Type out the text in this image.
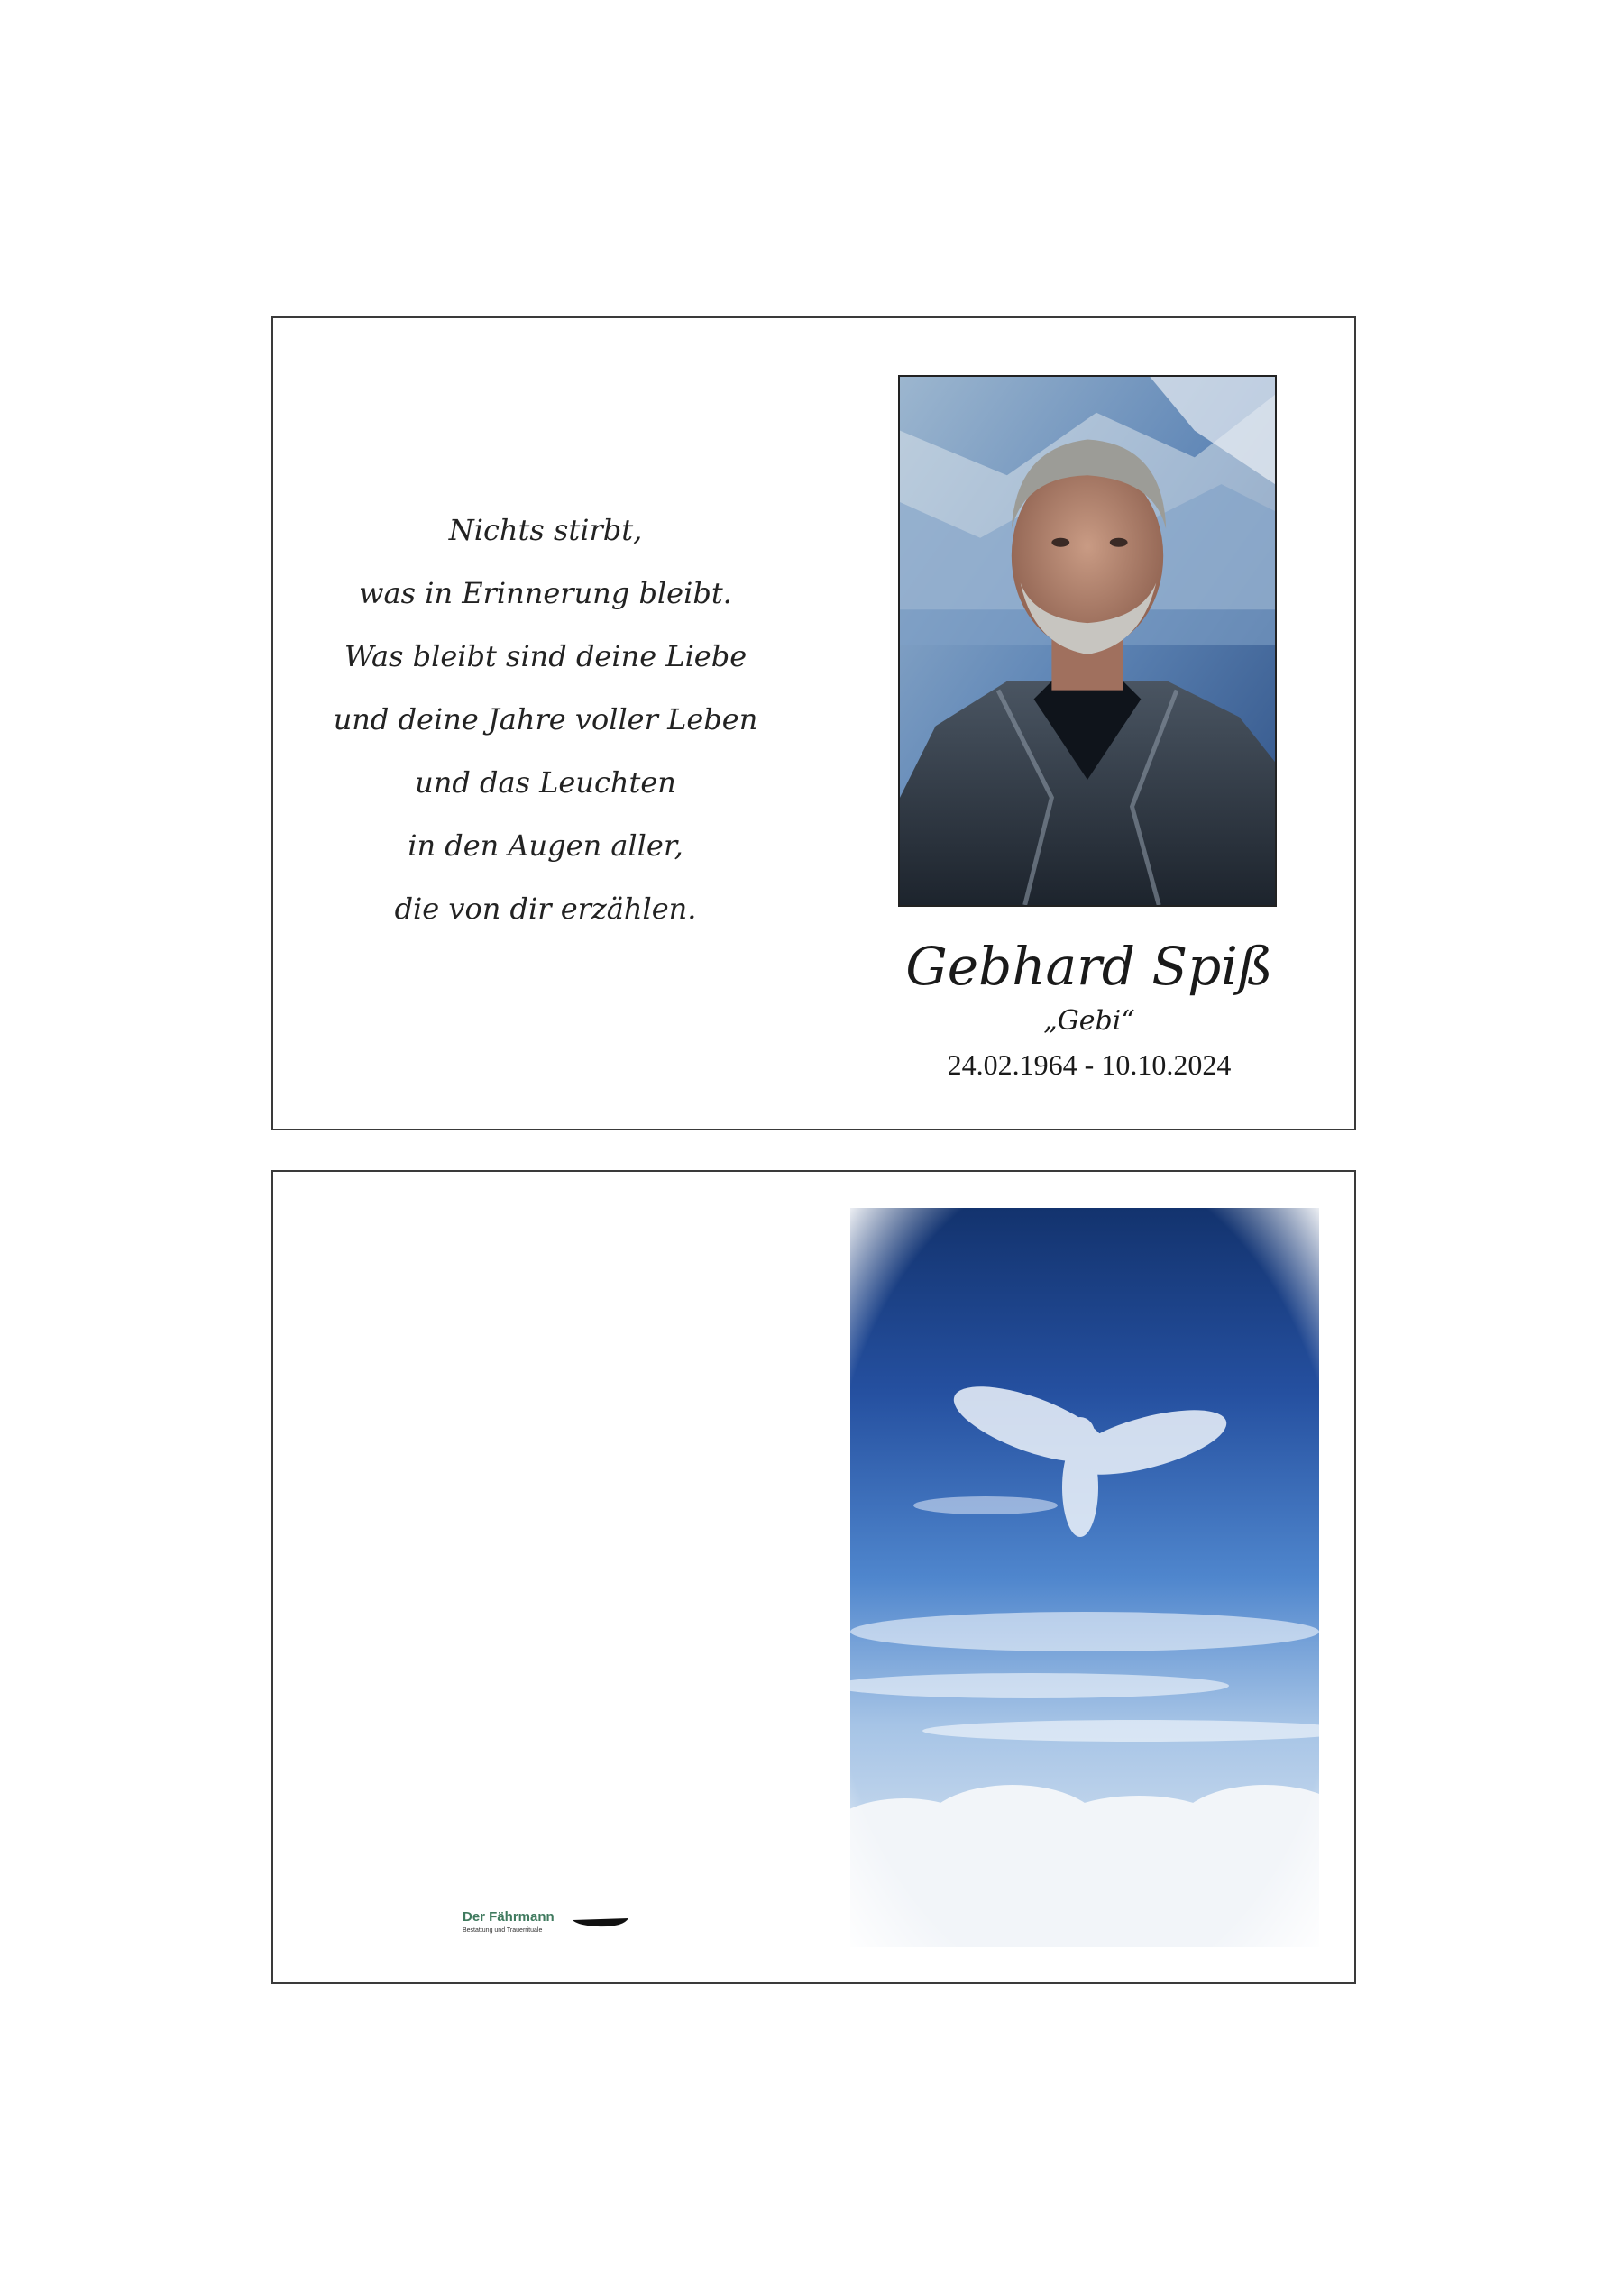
Nichts stirbt,
was in Erinnerung bleibt.
Was bleibt sind deine Liebe
und deine Jahre voller Leben
und das Leuchten
in den Augen aller,
die von dir erzählen.
Gebhard Spiß
„Gebi“
24.02.1964 - 10.10.2024
Der Fährmann
Bestattung und Trauerrituale
